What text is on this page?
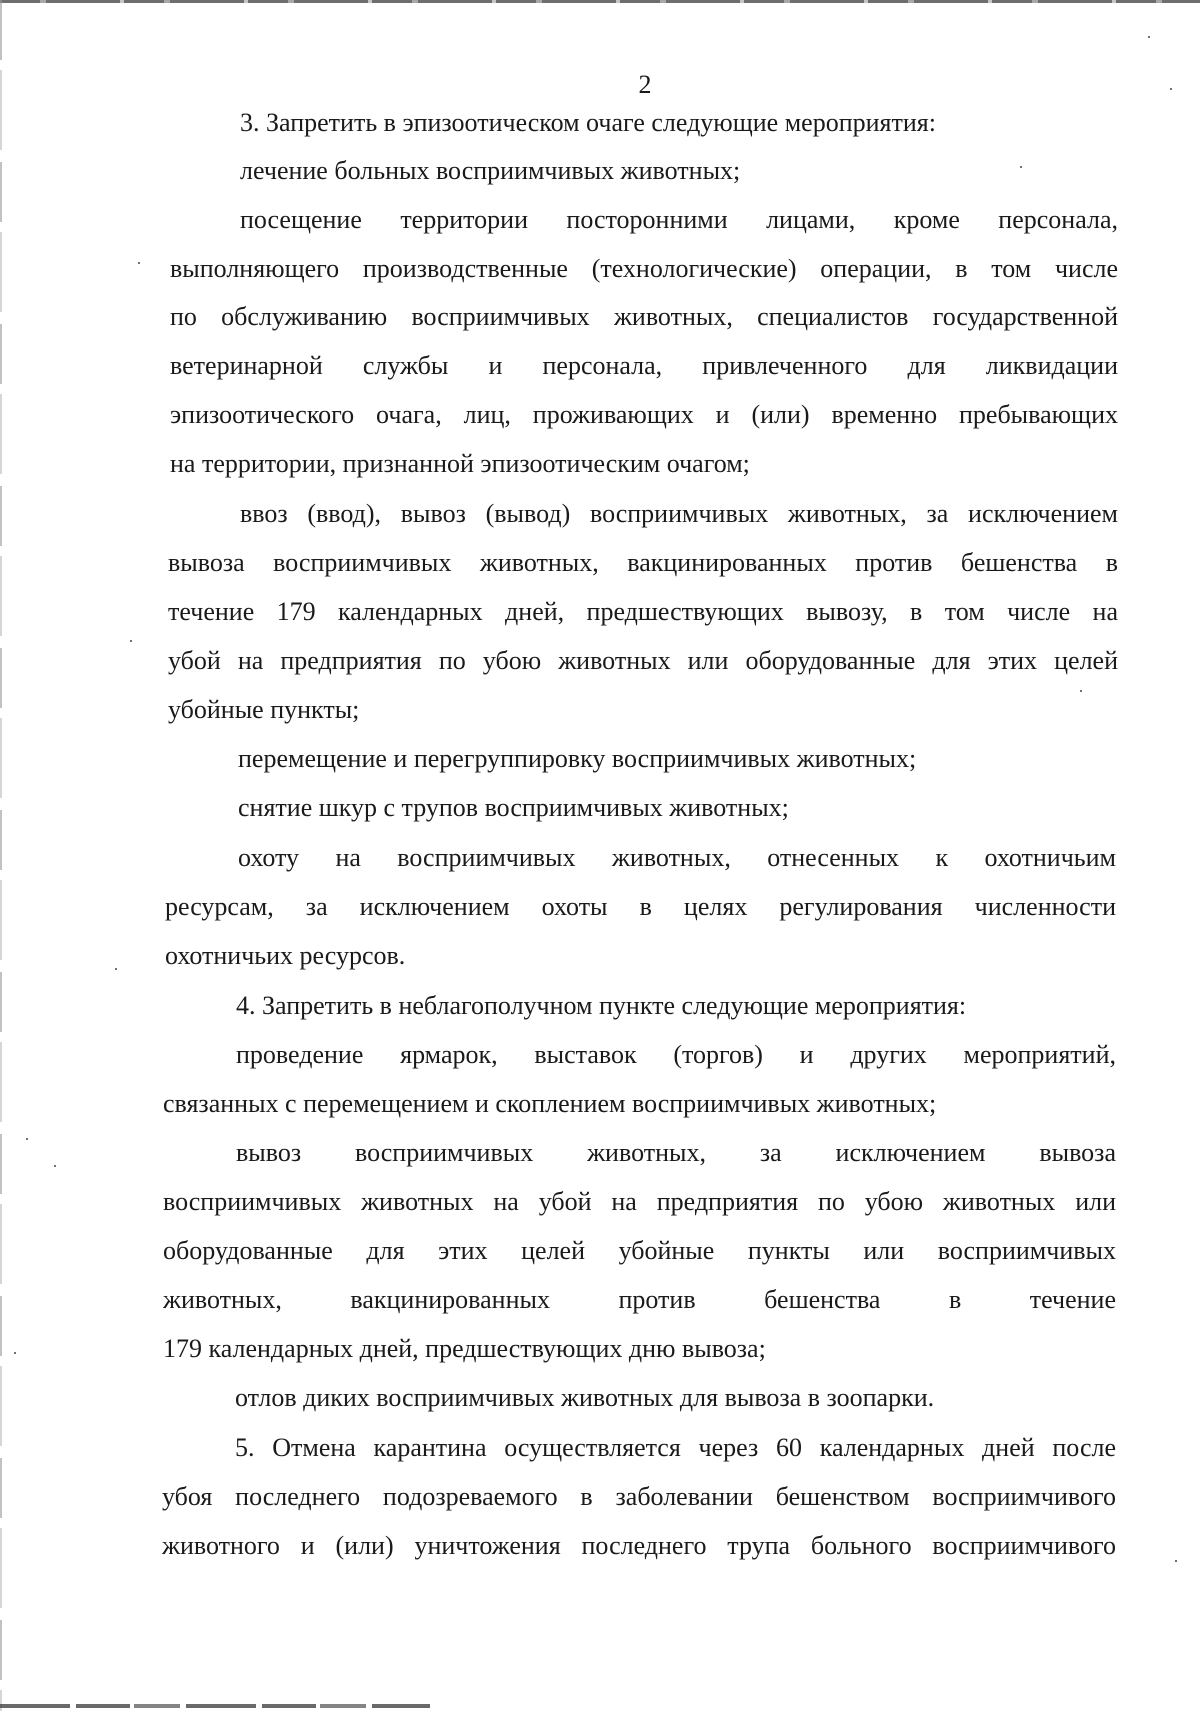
2
3. Запретить в эпизоотическом очаге следующие мероприятия:
лечение больных восприимчивых животных;
посещение территории посторонними лицами, кроме персонала,
выполняющего производственные (технологические) операции, в том числе
по обслуживанию восприимчивых животных, специалистов государственной
ветеринарной службы и персонала, привлеченного для ликвидации
эпизоотического очага, лиц, проживающих и (или) временно пребывающих
на территории, признанной эпизоотическим очагом;
ввоз (ввод), вывоз (вывод) восприимчивых животных, за исключением
вывоза восприимчивых животных, вакцинированных против бешенства в
течение 179 календарных дней, предшествующих вывозу, в том числе на
убой на предприятия по убою животных или оборудованные для этих целей
убойные пункты;
перемещение и перегруппировку восприимчивых животных;
снятие шкур с трупов восприимчивых животных;
охоту на восприимчивых животных, отнесенных к охотничьим
ресурсам, за исключением охоты в целях регулирования численности
охотничьих ресурсов.
4. Запретить в неблагополучном пункте следующие мероприятия:
проведение ярмарок, выставок (торгов) и других мероприятий,
связанных с перемещением и скоплением восприимчивых животных;
вывоз восприимчивых животных, за исключением вывоза
восприимчивых животных на убой на предприятия по убою животных или
оборудованные для этих целей убойные пункты или восприимчивых
животных, вакцинированных против бешенства в течение
179 календарных дней, предшествующих дню вывоза;
отлов диких восприимчивых животных для вывоза в зоопарки.
5. Отмена карантина осуществляется через 60 календарных дней после
убоя последнего подозреваемого в заболевании бешенством восприимчивого
животного и (или) уничтожения последнего трупа больного восприимчивого
